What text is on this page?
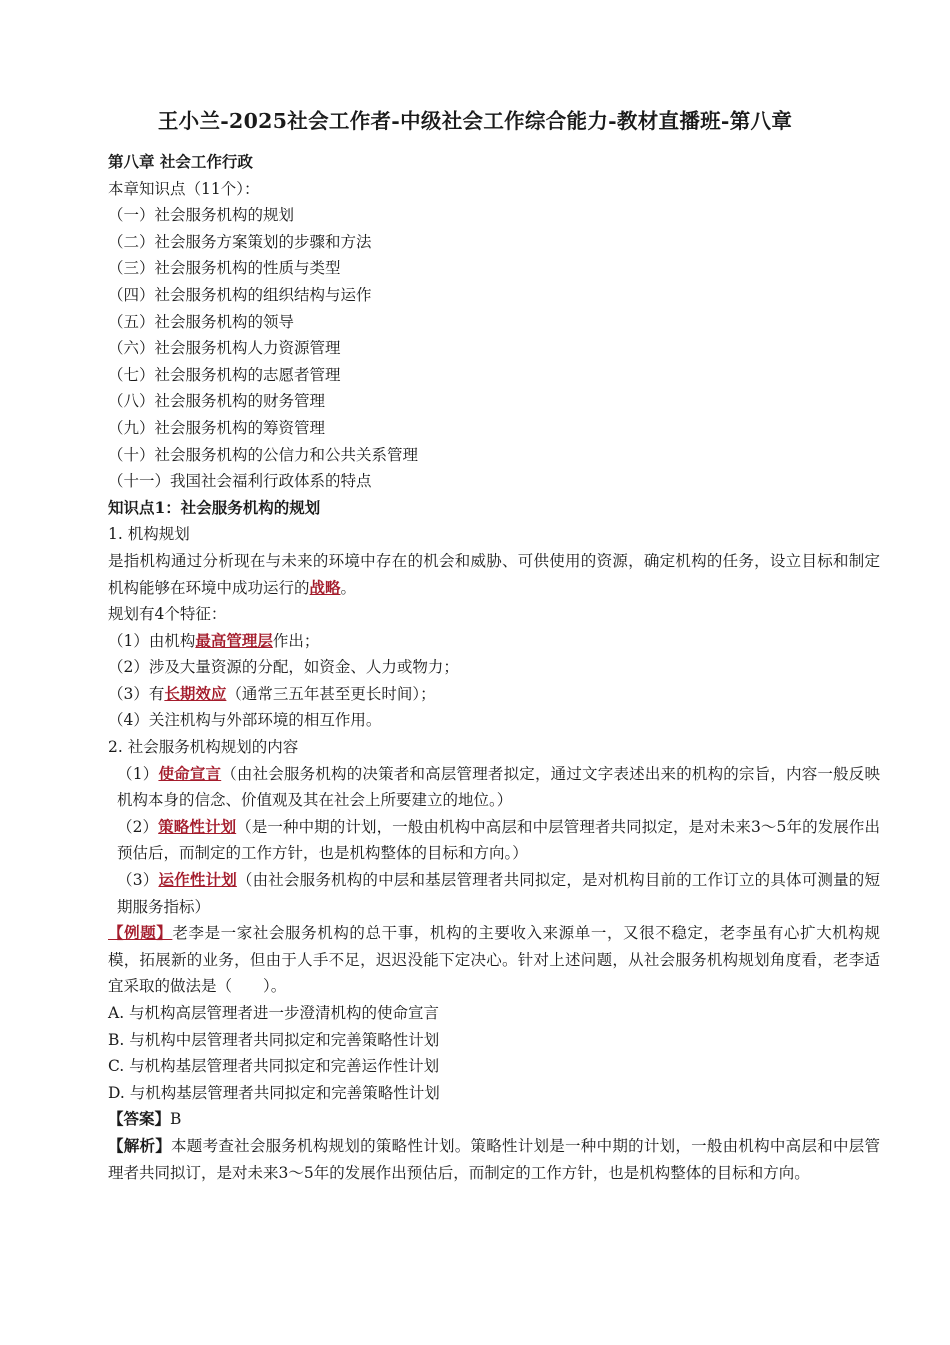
王小兰-2025社会工作者-中级社会工作综合能力-教材直播班-第八章

第八章 社会工作行政

本章知识点（11个）：

（一）社会服务机构的规划

（二）社会服务方案策划的步骤和方法

（三）社会服务机构的性质与类型

（四）社会服务机构的组织结构与运作

（五）社会服务机构的领导

（六）社会服务机构人力资源管理

（七）社会服务机构的志愿者管理

（八）社会服务机构的财务管理

（九）社会服务机构的筹资管理

（十）社会服务机构的公信力和公共关系管理

（十一）我国社会福利行政体系的特点

知识点1：社会服务机构的规划

1. 机构规划

是指机构通过分析现在与未来的环境中存在的机会和威胁、可供使用的资源，确定机构的任务，设立目标和制定机构能够在环境中成功运行的战略。

规划有4个特征：

（1）由机构最高管理层作出；

（2）涉及大量资源的分配，如资金、人力或物力；

（3）有长期效应（通常三五年甚至更长时间）；

（4）关注机构与外部环境的相互作用。

2. 社会服务机构规划的内容

（1）使命宣言（由社会服务机构的决策者和高层管理者拟定，通过文字表述出来的机构的宗旨，内容一般反映机构本身的信念、价值观及其在社会上所要建立的地位。）

（2）策略性计划（是一种中期的计划，一般由机构中高层和中层管理者共同拟定，是对未来3～5年的发展作出预估后，而制定的工作方针，也是机构整体的目标和方向。）

（3）运作性计划（由社会服务机构的中层和基层管理者共同拟定，是对机构目前的工作订立的具体可测量的短期服务指标）

【例题】老李是一家社会服务机构的总干事，机构的主要收入来源单一，又很不稳定，老李虽有心扩大机构规模，拓展新的业务，但由于人手不足，迟迟没能下定决心。针对上述问题，从社会服务机构规划角度看，老李适宜采取的做法是（　　）。

A. 与机构高层管理者进一步澄清机构的使命宣言

B. 与机构中层管理者共同拟定和完善策略性计划

C. 与机构基层管理者共同拟定和完善运作性计划

D. 与机构基层管理者共同拟定和完善策略性计划

【答案】B

【解析】本题考查社会服务机构规划的策略性计划。策略性计划是一种中期的计划，一般由机构中高层和中层管理者共同拟订，是对未来3～5年的发展作出预估后，而制定的工作方针，也是机构整体的目标和方向。
